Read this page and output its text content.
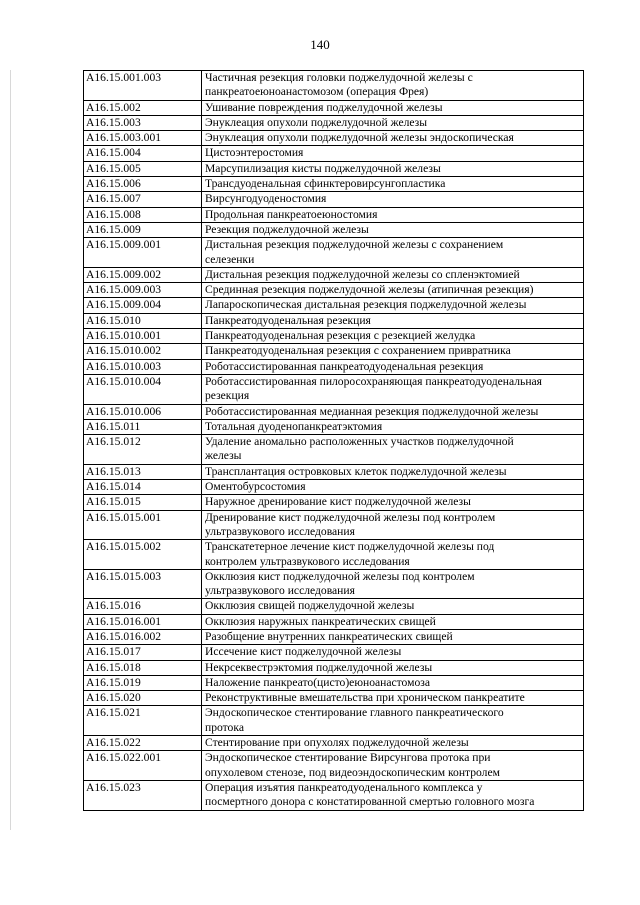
140
A16.15.001.003	Частичная резекция головки поджелудочной железы с
панкреатоеюноанастомозом (операция Фрея)

A16.15.002	Ушивание повреждения поджелудочной железы

A16.15.003	Энуклеация опухоли поджелудочной железы

A16.15.003.001	Энуклеация опухоли поджелудочной железы эндоскопическая

A16.15.004	Цистоэнтеростомия

A16.15.005	Марсупилизация кисты поджелудочной железы

A16.15.006	Трансдуоденальная сфинктеровирсунгопластика

A16.15.007	Вирсунгодуоденостомия

A16.15.008	Продольная панкреатоеюностомия

A16.15.009	Резекция поджелудочной железы

A16.15.009.001	Дистальная резекция поджелудочной железы с сохранением
селезенки

A16.15.009.002	Дистальная резекция поджелудочной железы со спленэктомией

A16.15.009.003	Срединная резекция поджелудочной железы (атипичная резекция)

A16.15.009.004	Лапароскопическая дистальная резекция поджелудочной железы

A16.15.010	Панкреатодуоденальная резекция

A16.15.010.001	Панкреатодуоденальная резекция с резекцией желудка

A16.15.010.002	Панкреатодуоденальная резекция с сохранением привратника

A16.15.010.003	Роботассистированная панкреатодуоденальная резекция

A16.15.010.004	Роботассистированная пилоросохраняющая панкреатодуоденальная
резекция

A16.15.010.006	Роботассистированная медианная резекция поджелудочной железы

A16.15.011	Тотальная дуоденопанкреатэктомия

A16.15.012	Удаление аномально расположенных участков поджелудочной
железы

A16.15.013	Трансплантация островковых клеток поджелудочной железы

A16.15.014	Оментобурсостомия

A16.15.015	Наружное дренирование кист поджелудочной железы

A16.15.015.001	Дренирование кист поджелудочной железы под контролем
ультразвукового исследования

A16.15.015.002	Транскатетерное лечение кист поджелудочной железы под
контролем ультразвукового исследования

A16.15.015.003	Окклюзия кист поджелудочной железы под контролем
ультразвукового исследования

A16.15.016	Окклюзия свищей поджелудочной железы

A16.15.016.001	Окклюзия наружных панкреатических свищей

A16.15.016.002	Разобщение внутренних панкреатических свищей

A16.15.017	Иссечение кист поджелудочной железы

A16.15.018	Некрсеквестрэктомия поджелудочной железы

A16.15.019	Наложение панкреато(цисто)еюноанастомоза

A16.15.020	Реконструктивные вмешательства при хроническом панкреатите

A16.15.021	Эндоскопическое стентирование главного панкреатического
протока

A16.15.022	Стентирование при опухолях поджелудочной железы

A16.15.022.001	Эндоскопическое стентирование Вирсунгова протока при
опухолевом стенозе, под видеоэндоскопическим контролем

A16.15.023	Операция изъятия панкреатодуоденального комплекса у
посмертного донора с констатированной смертью головного мозга
